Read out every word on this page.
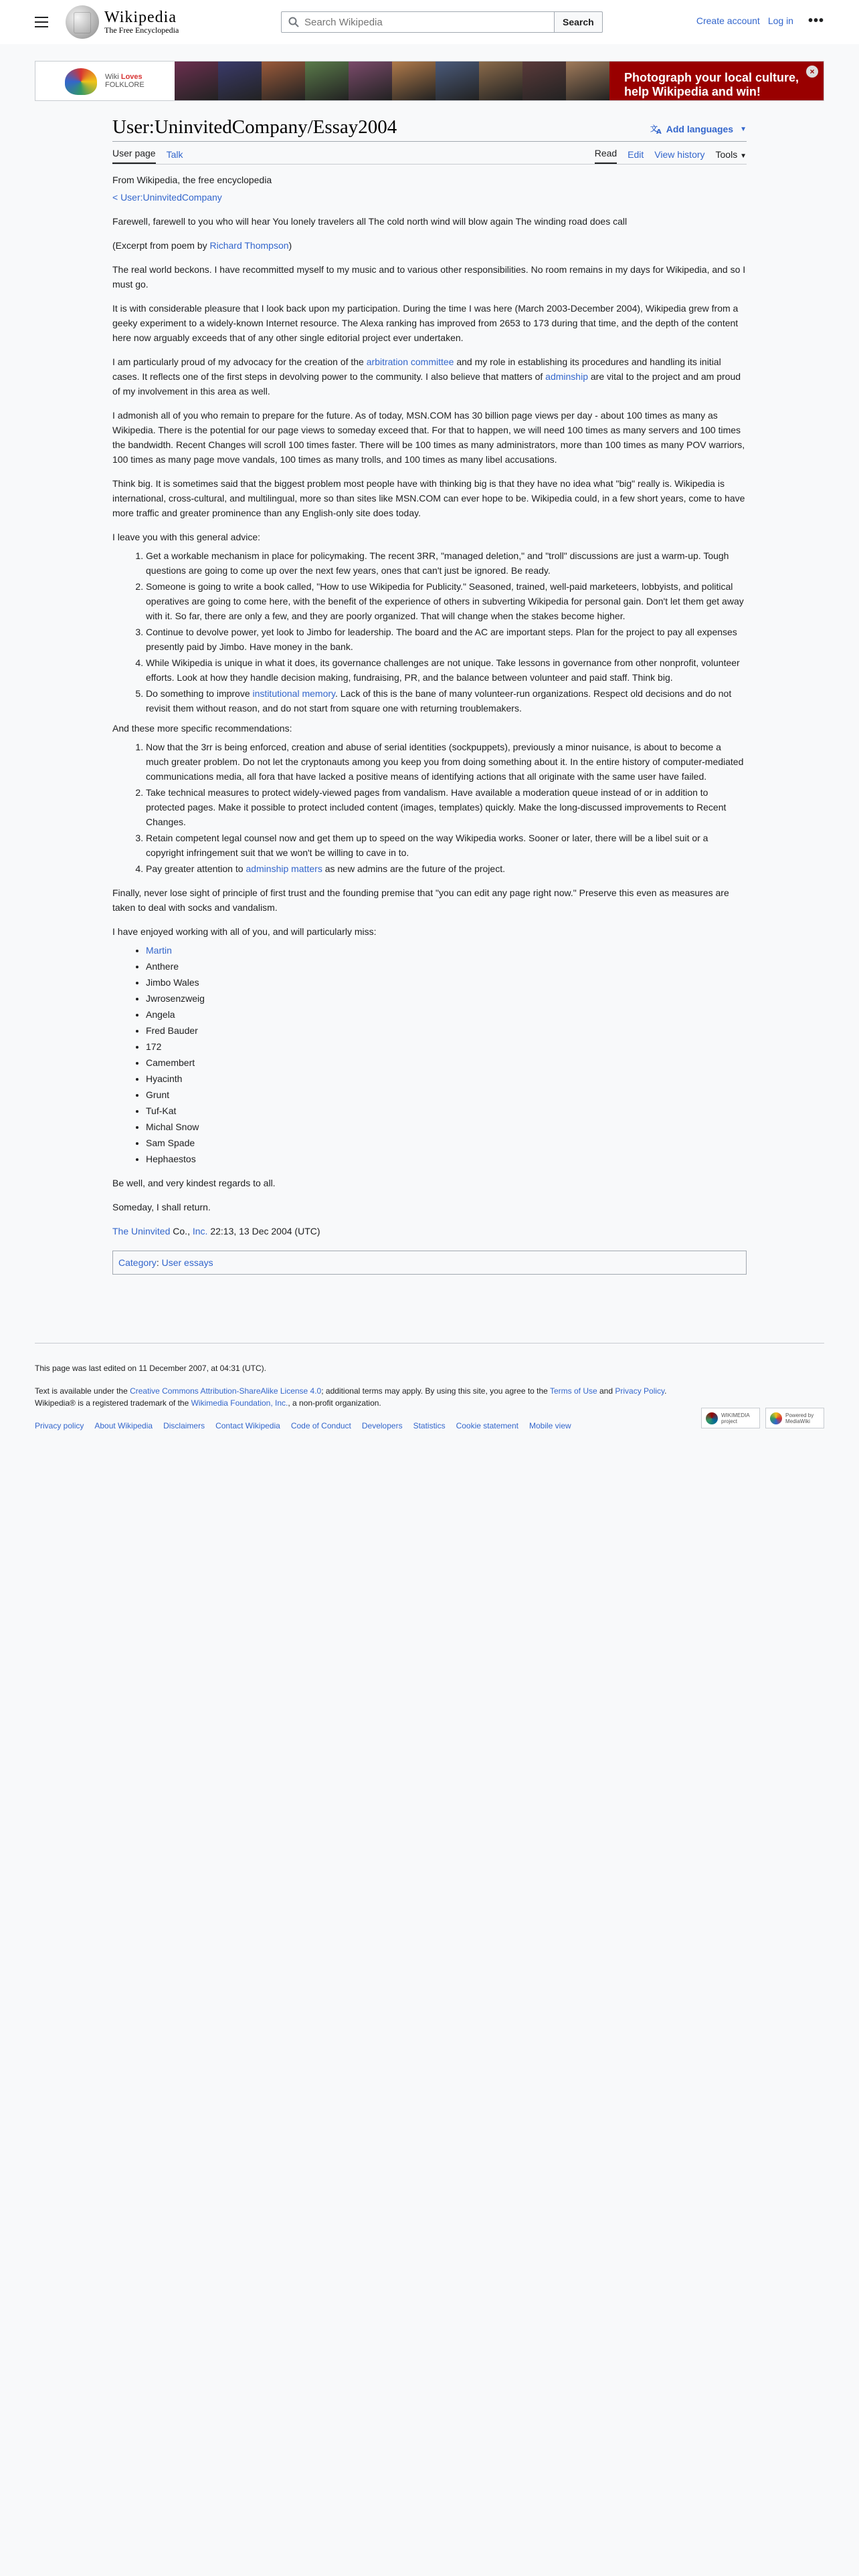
Wikipedia
The Free Encyclopedia
Search Wikipedia
Search	Create account Log in •••
Wiki Loves
FOLKLORE
Photograph your local culture, help Wikipedia and win!
×
User:UninvitedCompany/Essay2004	文
A Add languages ▼
User page Talk	Read Edit View history Tools ▼
From Wikipedia, the free encyclopedia
< User:UninvitedCompany

Farewell, farewell to you who will hear You lonely travelers all The cold north wind will blow again The winding road does call

(Excerpt from poem by Richard Thompson)

The real world beckons. I have recommitted myself to my music and to various other responsibilities. No room remains in my days for Wikipedia, and so I must go.

It is with considerable pleasure that I look back upon my participation. During the time I was here (March 2003-December 2004), Wikipedia grew from a geeky experiment to a widely-known Internet resource. The Alexa ranking has improved from 2653 to 173 during that time, and the depth of the content here now arguably exceeds that of any other single editorial project ever undertaken.

I am particularly proud of my advocacy for the creation of the arbitration committee and my role in establishing its procedures and handling its initial cases. It reflects one of the first steps in devolving power to the community. I also believe that matters of adminship are vital to the project and am proud of my involvement in this area as well.

I admonish all of you who remain to prepare for the future. As of today, MSN.COM has 30 billion page views per day - about 100 times as many as Wikipedia. There is the potential for our page views to someday exceed that. For that to happen, we will need 100 times as many servers and 100 times the bandwidth. Recent Changes will scroll 100 times faster. There will be 100 times as many administrators, more than 100 times as many POV warriors, 100 times as many page move vandals, 100 times as many trolls, and 100 times as many libel accusations.

Think big. It is sometimes said that the biggest problem most people have with thinking big is that they have no idea what "big" really is. Wikipedia is international, cross-cultural, and multilingual, more so than sites like MSN.COM can ever hope to be. Wikipedia could, in a few short years, come to have more traffic and greater prominence than any English-only site does today.

I leave you with this general advice:

1. Get a workable mechanism in place for policymaking. The recent 3RR, "managed deletion," and "troll" discussions are just a warm-up. Tough questions are going to come up over the next few years, ones that can't just be ignored. Be ready.
2. Someone is going to write a book called, "How to use Wikipedia for Publicity." Seasoned, trained, well-paid marketeers, lobbyists, and political operatives are going to come here, with the benefit of the experience of others in subverting Wikipedia for personal gain. Don't let them get away with it. So far, there are only a few, and they are poorly organized. That will change when the stakes become higher.
3. Continue to devolve power, yet look to Jimbo for leadership. The board and the AC are important steps. Plan for the project to pay all expenses presently paid by Jimbo. Have money in the bank.
4. While Wikipedia is unique in what it does, its governance challenges are not unique. Take lessons in governance from other nonprofit, volunteer efforts. Look at how they handle decision making, fundraising, PR, and the balance between volunteer and paid staff. Think big.
5. Do something to improve institutional memory. Lack of this is the bane of many volunteer-run organizations. Respect old decisions and do not revisit them without reason, and do not start from square one with returning troublemakers.

And these more specific recommendations:

1. Now that the 3rr is being enforced, creation and abuse of serial identities (sockpuppets), previously a minor nuisance, is about to become a much greater problem. Do not let the cryptonauts among you keep you from doing something about it. In the entire history of computer-mediated communications media, all fora that have lacked a positive means of identifying actions that all originate with the same user have failed.
2. Take technical measures to protect widely-viewed pages from vandalism. Have available a moderation queue instead of or in addition to protected pages. Make it possible to protect included content (images, templates) quickly. Make the long-discussed improvements to Recent Changes.
3. Retain competent legal counsel now and get them up to speed on the way Wikipedia works. Sooner or later, there will be a libel suit or a copyright infringement suit that we won't be willing to cave in to.
4. Pay greater attention to adminship matters as new admins are the future of the project.

Finally, never lose sight of principle of first trust and the founding premise that "you can edit any page right now." Preserve this even as measures are taken to deal with socks and vandalism.

I have enjoyed working with all of you, and will particularly miss:

• Martin
• Anthere
• Jimbo Wales
• Jwrosenzweig
• Angela
• Fred Bauder
• 172
• Camembert
• Hyacinth
• Grunt
• Tuf-Kat
• Michal Snow
• Sam Spade
• Hephaestos

Be well, and very kindest regards to all.

Someday, I shall return.

The Uninvited Co., Inc. 22:13, 13 Dec 2004 (UTC)

Category: User essays

This page was last edited on 11 December 2007, at 04:31 (UTC).

Text is available under the Creative Commons Attribution-ShareAlike License 4.0; additional terms may apply. By using this site, you agree to the Terms of Use and Privacy Policy. Wikipedia® is a registered trademark of the Wikimedia Foundation, Inc., a non-profit organization.

Privacy policy About Wikipedia Disclaimers Contact Wikipedia Code of Conduct Developers Statistics Cookie statement Mobile view
WIKIMEDIA project
Powered by MediaWiki
